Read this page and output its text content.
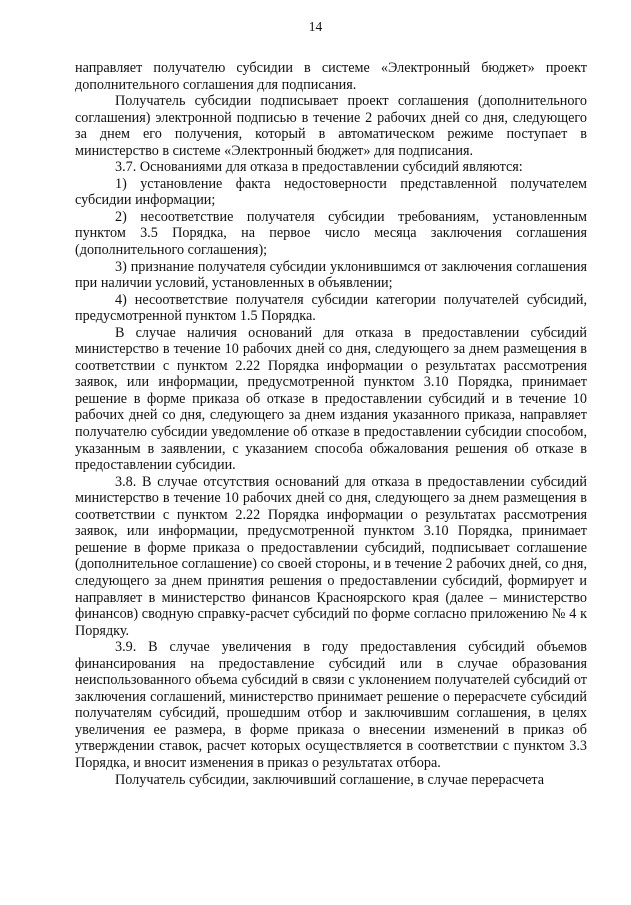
14

направляет получателю субсидии в системе «Электронный бюджет» проект дополнительного соглашения для подписания.

Получатель субсидии подписывает проект соглашения (дополнительного соглашения) электронной подписью в течение 2 рабочих дней со дня, следующего за днем его получения, который в автоматическом режиме поступает в министерство в системе «Электронный бюджет» для подписания.

3.7. Основаниями для отказа в предоставлении субсидий являются:

1) установление факта недостоверности представленной получателем субсидии информации;

2) несоответствие получателя субсидии требованиям, установленным пунктом 3.5 Порядка, на первое число месяца заключения соглашения (дополнительного соглашения);

3) признание получателя субсидии уклонившимся от заключения соглашения при наличии условий, установленных в объявлении;

4) несоответствие получателя субсидии категории получателей субсидий, предусмотренной пунктом 1.5 Порядка.

В случае наличия оснований для отказа в предоставлении субсидий министерство в течение 10 рабочих дней со дня, следующего за днем размещения в соответствии с пунктом 2.22 Порядка информации о результатах рассмотрения заявок, или информации, предусмотренной пунктом 3.10 Порядка, принимает решение в форме приказа об отказе в предоставлении субсидий и в течение 10 рабочих дней со дня, следующего за днем издания указанного приказа, направляет получателю субсидии уведомление об отказе в предоставлении субсидии способом, указанным в заявлении, с указанием способа обжалования решения об отказе в предоставлении субсидии.

3.8. В случае отсутствия оснований для отказа в предоставлении субсидий министерство в течение 10 рабочих дней со дня, следующего за днем размещения в соответствии с пунктом 2.22 Порядка информации о результатах рассмотрения заявок, или информации, предусмотренной пунктом 3.10 Порядка, принимает решение в форме приказа о предоставлении субсидий, подписывает соглашение (дополнительное соглашение) со своей стороны, и в течение 2 рабочих дней, со дня, следующего за днем принятия решения о предоставлении субсидий, формирует и направляет в министерство финансов Красноярского края (далее – министерство финансов) сводную справку-расчет субсидий по форме согласно приложению № 4 к Порядку.

3.9. В случае увеличения в году предоставления субсидий объемов финансирования на предоставление субсидий или в случае образования неиспользованного объема субсидий в связи с уклонением получателей субсидий от заключения соглашений, министерство принимает решение о перерасчете субсидий получателям субсидий, прошедшим отбор и заключившим соглашения, в целях увеличения ее размера, в форме приказа о внесении изменений в приказ об утверждении ставок, расчет которых осуществляется в соответствии с пунктом 3.3 Порядка, и вносит изменения в приказ о результатах отбора.

Получатель субсидии, заключивший соглашение, в случае перерасчета
